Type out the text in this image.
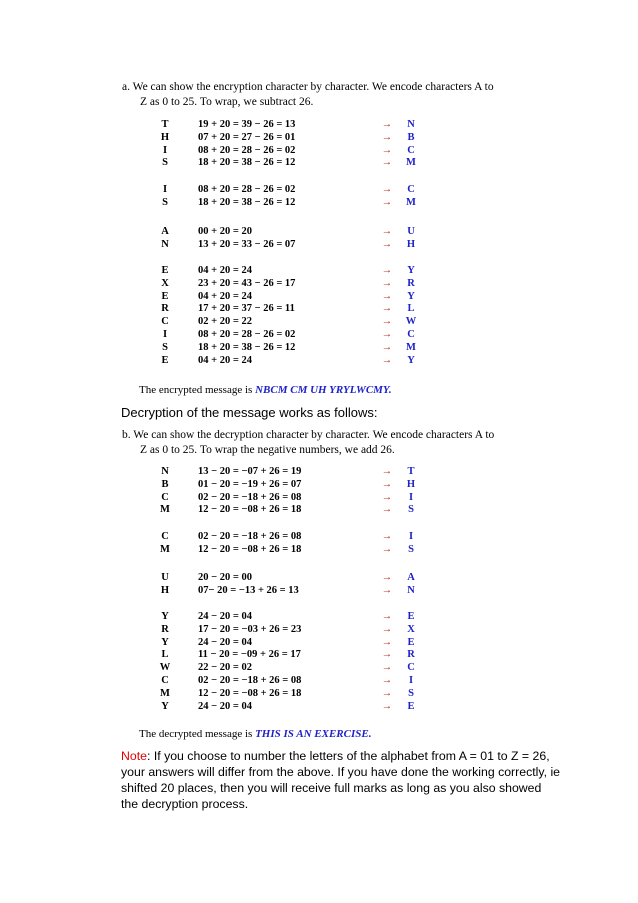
a. We can show the encryption character by character. We encode characters A to
Z as 0 to 25. To wrap, we subtract 26.
T	19 + 20 = 39 − 26 = 13	→	N
H	07 + 20 = 27 − 26 = 01	→	B
I	08 + 20 = 28 − 26 = 02	→	C
S	18 + 20 = 38 − 26 = 12	→ M
I	08 + 20 = 28 − 26 = 02	→	C
S	18 + 20 = 38 − 26 = 12	→ M
A	00 + 20 = 20	→	U
N	13 + 20 = 33 − 26 = 07	→	H
E	04 + 20 = 24	→	Y
X	23 + 20 = 43 − 26 = 17	→	R
E	04 + 20 = 24	→	Y
R	17 + 20 = 37 − 26 = 11	→	L
C	02 + 20 = 22	→ W
I	08 + 20 = 28 − 26 = 02	→	C
S	18 + 20 = 38 − 26 = 12	→ M
E	04 + 20 = 24	→	Y
The encrypted message is NBCM CM UH YRYLWCMY.
Decryption of the message works as follows:
b. We can show the decryption character by character. We encode characters A to
Z as 0 to 25. To wrap the negative numbers, we add 26.
N	13 − 20 = −07 + 26 = 19	→	T
B	01 − 20 = −19 + 26 = 07	→	H
C	02 − 20 = −18 + 26 = 08	→	I
M	12 − 20 = −08 + 26 = 18	→	S
C	02 − 20 = −18 + 26 = 08	→	I
M	12 − 20 = −08 + 26 = 18	→	S
U	20 − 20 = 00	→	A
H	07− 20 = −13 + 26 = 13	→	N
Y	24 − 20 = 04	→	E
R	17 − 20 = −03 + 26 = 23	→	X
Y	24 − 20 = 04	→	E
L	11 − 20 = −09 + 26 = 17	→	R
W	22 − 20 = 02	→	C
C	02 − 20 = −18 + 26 = 08	→	I
M	12 − 20 = −08 + 26 = 18	→	S
Y	24 − 20 = 04	→	E
The decrypted message is THIS IS AN EXERCISE.
Note: If you choose to number the letters of the alphabet from A = 01 to Z = 26, your answers will differ from the above. If you have done the working correctly, ie shifted 20 places, then you will receive full marks as long as you also showed the decryption process.
